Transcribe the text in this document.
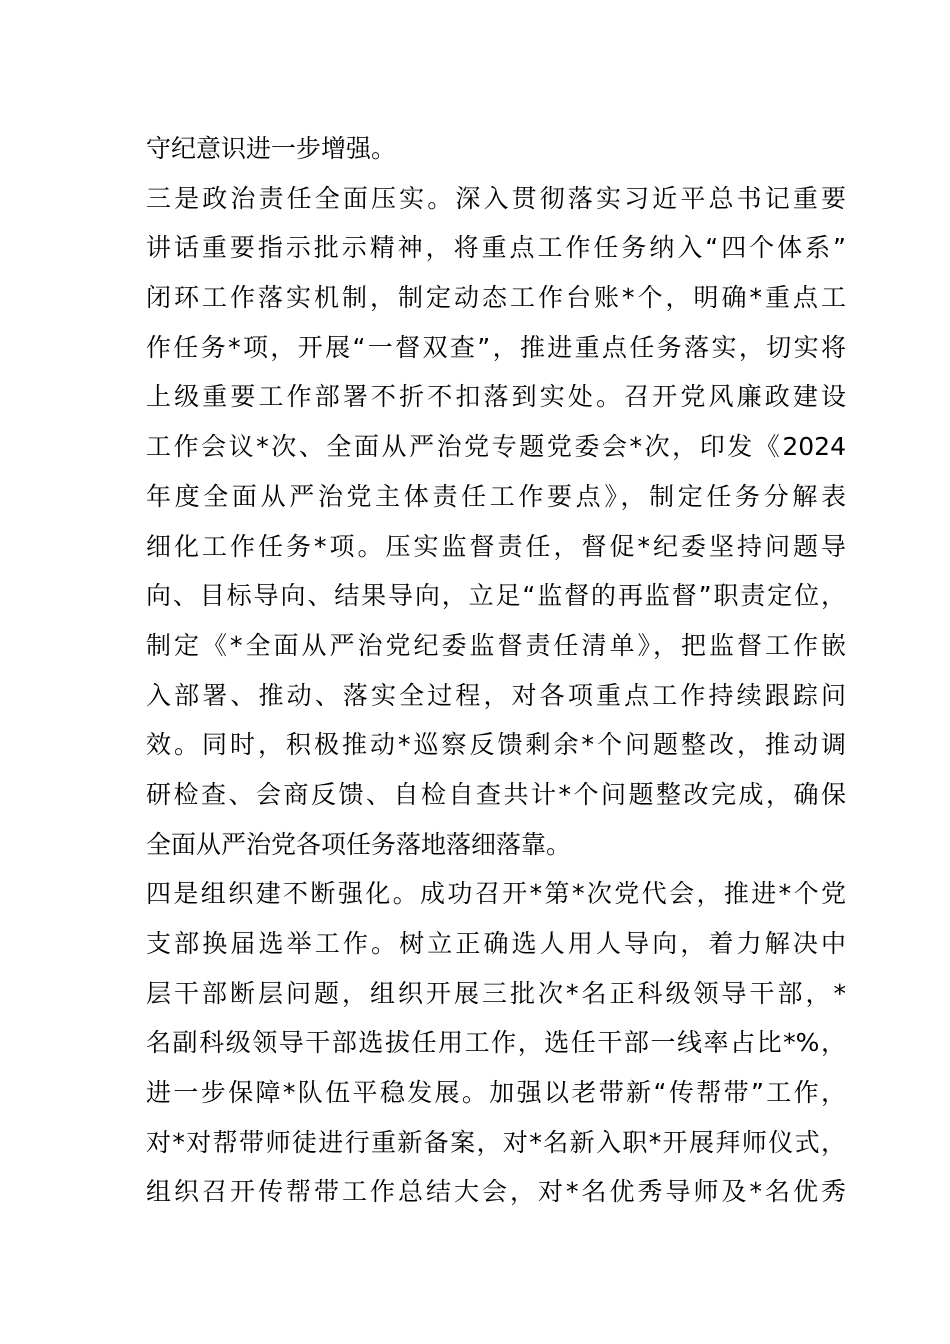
守纪意识进一步增强。
三是政治责任全面压实。深入贯彻落实习近平总书记重要
讲话重要指示批示精神，将重点工作任务纳入“四个体系”
闭环工作落实机制，制定动态工作台账*个，明确*重点工
作任务*项，开展“一督双查”，推进重点任务落实，切实将
上级重要工作部署不折不扣落到实处。召开党风廉政建设
工作会议*次、全面从严治党专题党委会*次，印发《2024
年度全面从严治党主体责任工作要点》，制定任务分解表
细化工作任务*项。压实监督责任，督促*纪委坚持问题导
向、目标导向、结果导向，立足“监督的再监督”职责定位，
制定《*全面从严治党纪委监督责任清单》，把监督工作嵌
入部署、推动、落实全过程，对各项重点工作持续跟踪问
效。同时，积极推动*巡察反馈剩余*个问题整改，推动调
研检查、会商反馈、自检自查共计*个问题整改完成，确保
全面从严治党各项任务落地落细落靠。
四是组织建不断强化。成功召开*第*次党代会，推进*个党
支部换届选举工作。树立正确选人用人导向，着力解决中
层干部断层问题，组织开展三批次*名正科级领导干部，*
名副科级领导干部选拔任用工作，选任干部一线率占比*%，
进一步保障*队伍平稳发展。加强以老带新“传帮带”工作，
对*对帮带师徒进行重新备案，对*名新入职*开展拜师仪式，
组织召开传帮带工作总结大会，对*名优秀导师及*名优秀
